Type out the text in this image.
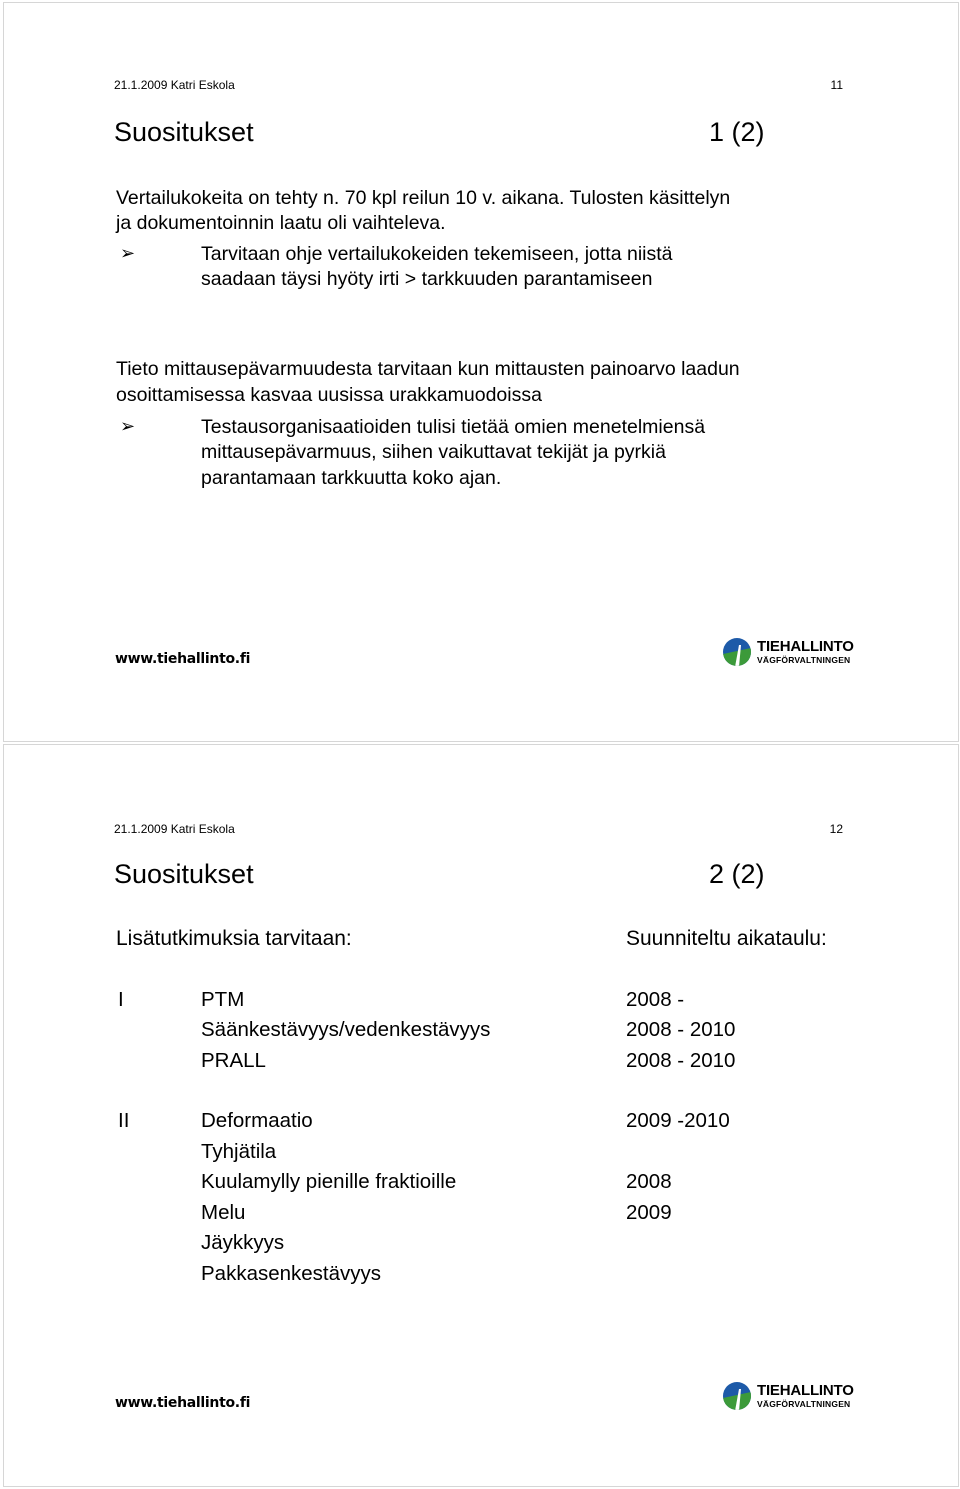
21.1.2009 Katri Eskola	11
Suositukset	1 (2)
Vertailukokeita on tehty n. 70 kpl reilun 10 v. aikana. Tulosten käsittelyn
ja dokumentoinnin laatu oli vaihteleva.
➢	Tarvitaan ohje vertailukokeiden tekemiseen, jotta niistä
saadaan täysi hyöty irti > tarkkuuden parantamiseen
Tieto mittausepävarmuudesta tarvitaan kun mittausten painoarvo laadun
osoittamisessa kasvaa uusissa urakkamuodoissa
➢	Testausorganisaatioiden tulisi tietää omien menetelmiensä
mittausepävarmuus, siihen vaikuttavat tekijät ja pyrkiä
parantamaan tarkkuutta koko ajan.
www.tiehallinto.fi
TIEHALLINTO
VÄGFÖRVALTNINGEN
21.1.2009 Katri Eskola	12
Suositukset	2 (2)
Lisätutkimuksia tarvitaan:	Suunniteltu aikataulu:
I	PTM	2008 -
Säänkestävyys/vedenkestävyys	2008 - 2010
PRALL	2008 - 2010
II	Deformaatio	2009 -2010
Tyhjätila
Kuulamylly pienille fraktioille	2008
Melu	2009
Jäykkyys
Pakkasenkestävyys
www.tiehallinto.fi
TIEHALLINTO
VÄGFÖRVALTNINGEN
